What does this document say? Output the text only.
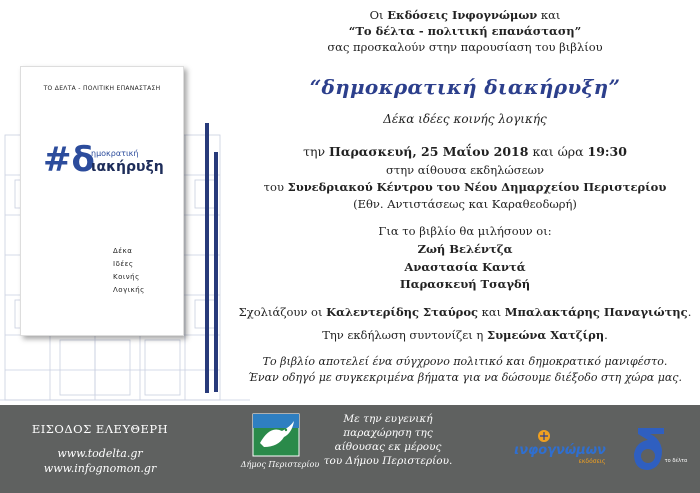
ΤΟ ΔΕΛΤΑ - ΠΟΛΙΤΙΚΗ ΕΠΑΝΑΣΤΑΣΗ
#δ
ημοκρατική
ιακήρυξη
Δέκα
Ιδέες
Κοινής
Λογικής
Οι Εκδόσεις Ινφογνώμων και
“Το δέλτα - πολιτική επανάσταση”
σας προσκαλούν στην παρουσίαση του βιβλίου
“δημοκρατική διακήρυξη”
Δέκα ιδέες κοινής λογικής
την Παρασκευή, 25 Μαΐου 2018 και ώρα 19:30
στην αίθουσα εκδηλώσεων
του Συνεδριακού Κέντρου του Νέου Δημαρχείου Περιστερίου
(Εθν. Αντιστάσεως και Καραθεοδωρή)
Για το βιβλίο θα μιλήσουν οι:
Ζωή Βελέντζα
Αναστασία Καντά
Παρασκευή Τσαγδή
Σχολιάζουν οι Καλεντερίδης Σταύρος και Μπαλακτάρης Παναγιώτης.
Την εκδήλωση συντονίζει η Συμεώνα Χατζίρη.
Το βιβλίο αποτελεί ένα σύγχρονο πολιτικό και δημοκρατικό μανιφέστο.
Έναν οδηγό με συγκεκριμένα βήματα για να δώσουμε διέξοδο στη χώρα μας.
ΕΙΣΟΔΟΣ ΕΛΕΥΘΕΡΗ
www.todelta.gr
www.infognomon.gr	Δήμος Περιστερίου
Με την ευγενική
παραχώρηση της
αίθουσας εκ μέρους
του Δήμου Περιστερίου.
ινφογνώμων
εκδόσεις	το δέλτα
